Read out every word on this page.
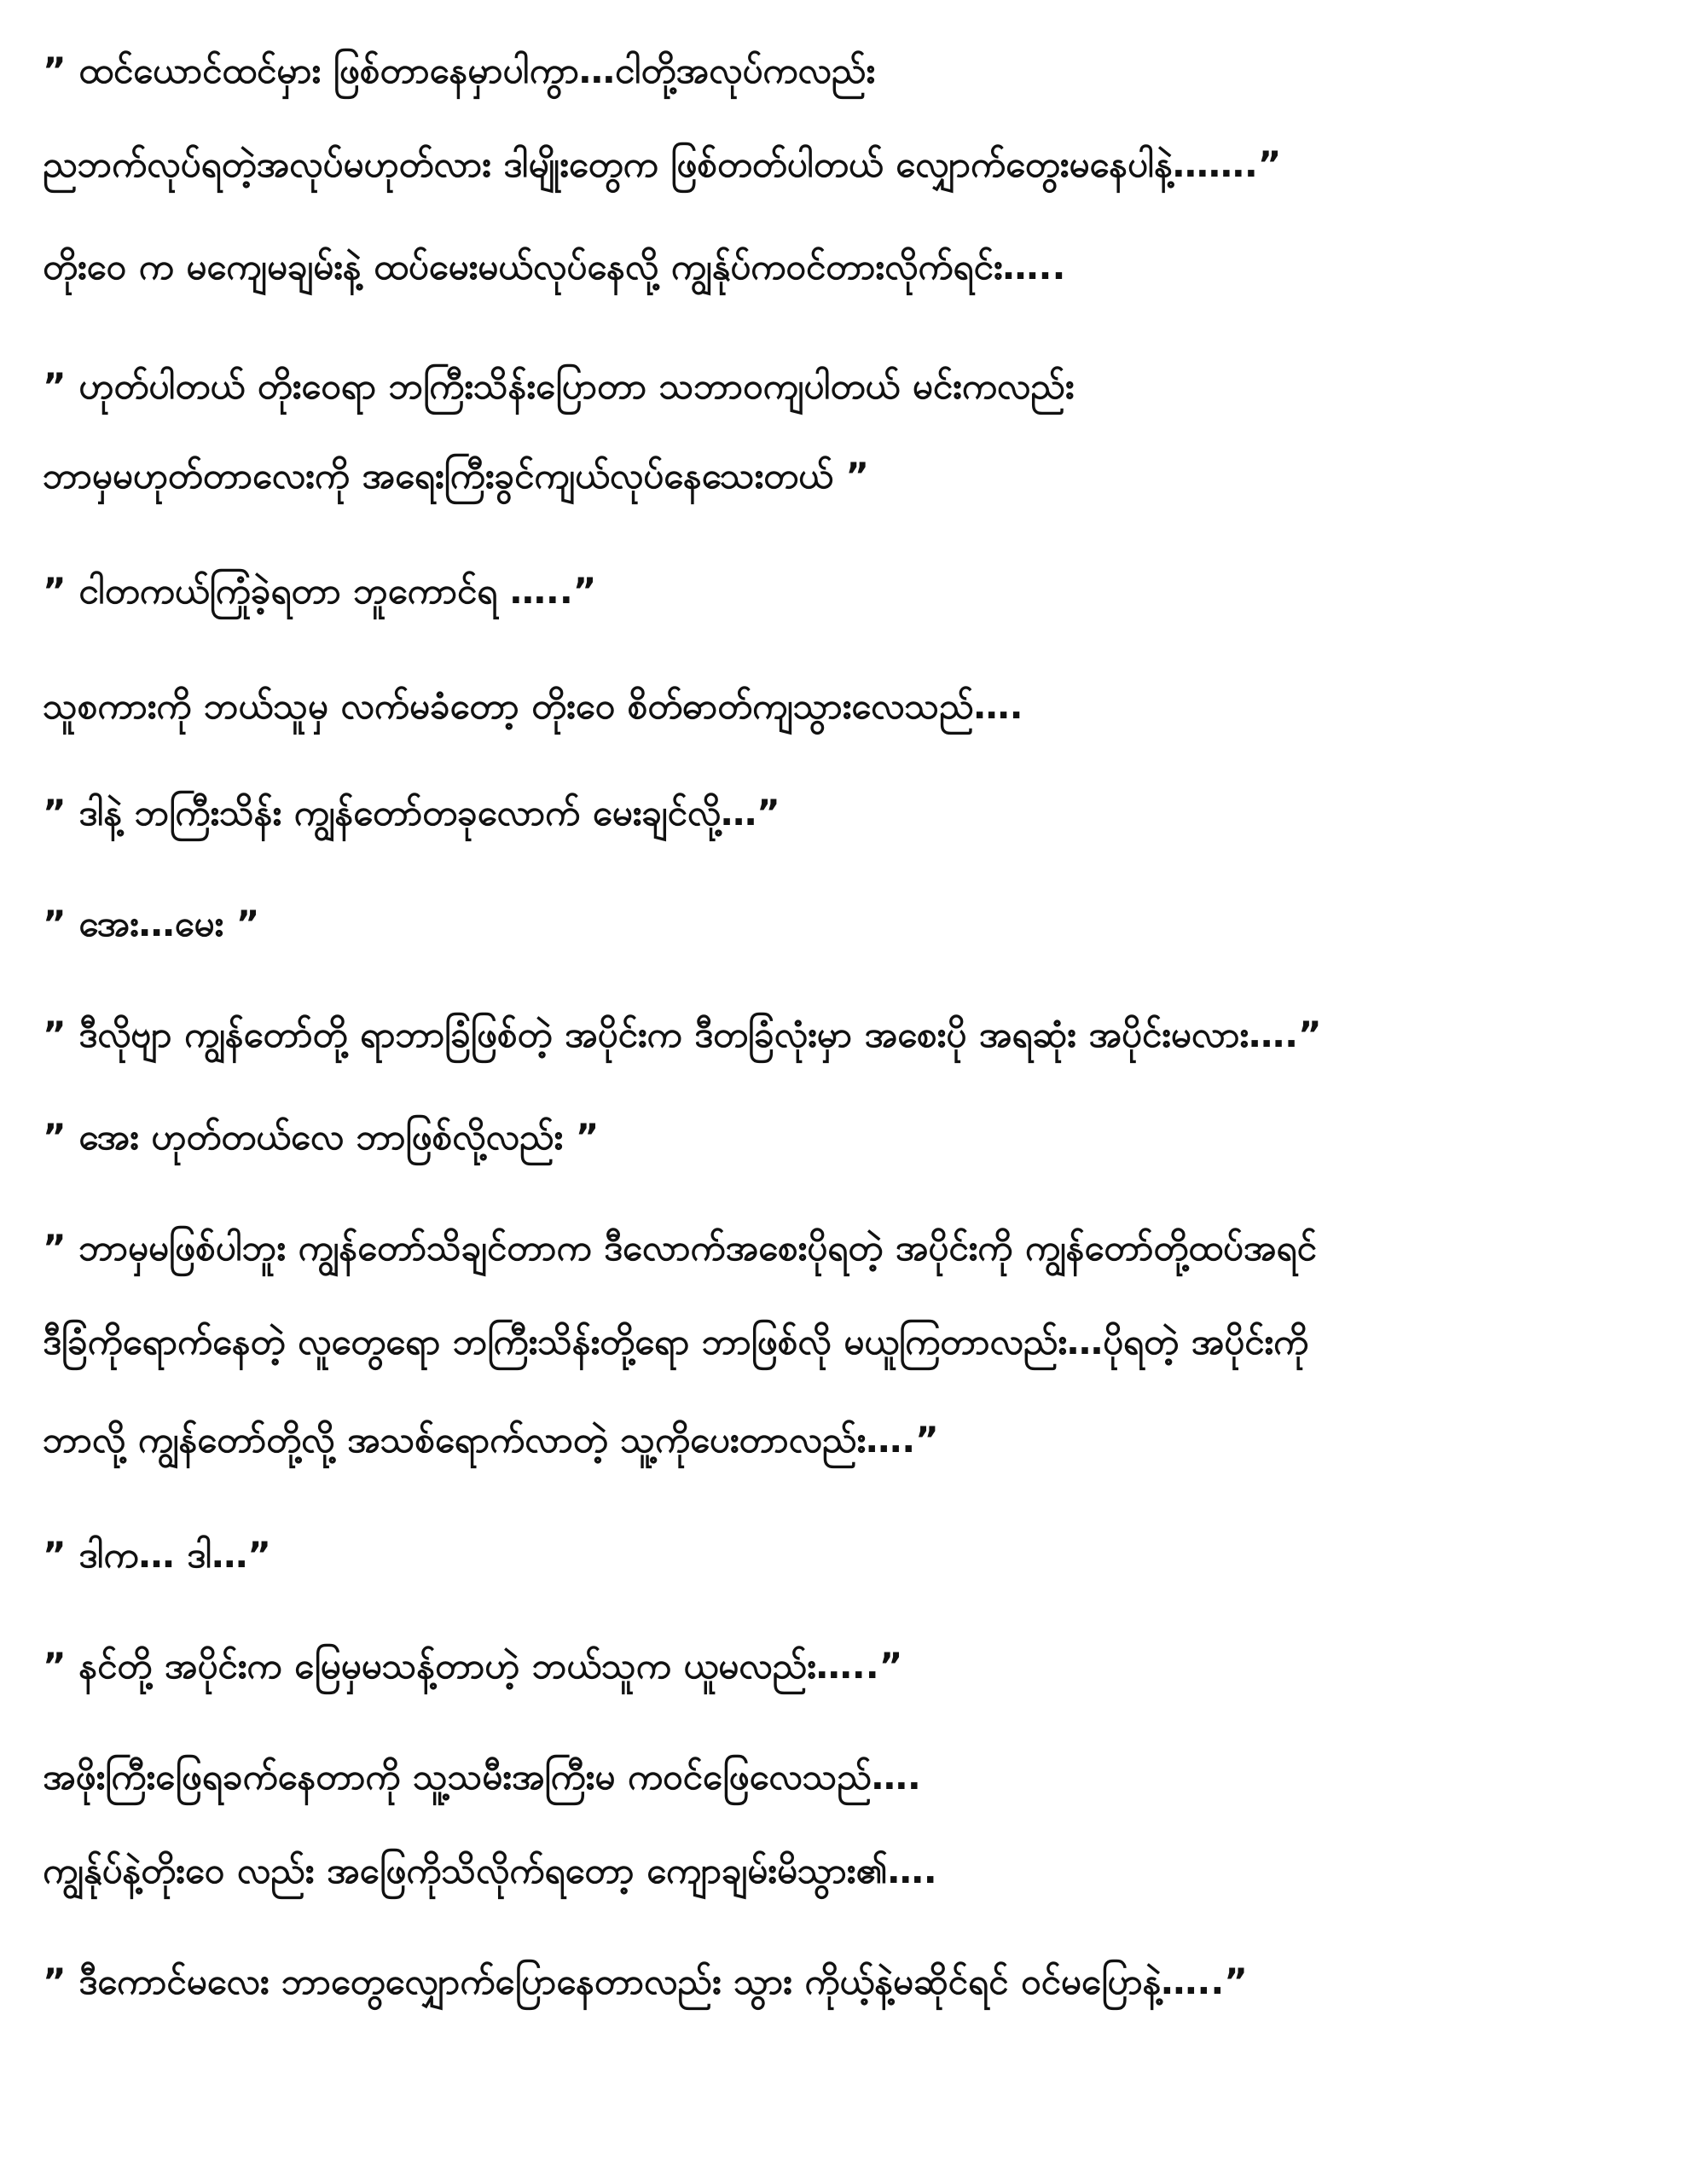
” ထင်ယောင်ထင်မှား ဖြစ်တာနေမှာပါကွာ…ငါတို့အလုပ်ကလည်း
ညဘက်လုပ်ရတဲ့အလုပ်မဟုတ်လား ဒါမျိုးတွေက ဖြစ်တတ်ပါတယ် လျှောက်တွေးမနေပါနဲ့…….”
တိုးဝေ က မကျေမချမ်းနဲ့ ထပ်မေးမယ်လုပ်နေလို့ ကျွန်ုပ်ကဝင်တားလိုက်ရင်း…..
” ဟုတ်ပါတယ် တိုးဝေရာ ဘကြီးသိန်းပြောတာ သဘာဝကျပါတယ် မင်းကလည်း
ဘာမှမဟုတ်တာလေးကို အရေးကြီးခွင်ကျယ်လုပ်နေသေးတယ် ”
” ငါတကယ်ကြုံခဲ့ရတာ ဘူကောင်ရ …..”
သူစကားကို ဘယ်သူမှ လက်မခံတော့ တိုးဝေ စိတ်ဓာတ်ကျသွားလေသည်….
” ဒါနဲ့ ဘကြီးသိန်း ကျွန်တော်တခုလောက် မေးချင်လို့…”
” အေး…မေး ”
” ဒီလိုဗျာ ကျွန်တော်တို့ ရာဘာခြံဖြစ်တဲ့ အပိုင်းက ဒီတခြံလုံးမှာ အစေးပို အရဆုံး အပိုင်းမလား….”
” အေး ဟုတ်တယ်လေ ဘာဖြစ်လို့လည်း ”
” ဘာမှမဖြစ်ပါဘူး ကျွန်တော်သိချင်တာက ဒီလောက်အစေးပိုရတဲ့ အပိုင်းကို ကျွန်တော်တို့ထပ်အရင်
ဒီခြံကိုရောက်နေတဲ့ လူတွေရော ဘကြီးသိန်းတို့ရော ဘာဖြစ်လို မယူကြတာလည်း…ပိုရတဲ့ အပိုင်းကို
ဘာလို့ ကျွန်တော်တို့လို့ အသစ်ရောက်လာတဲ့ သူ့ကိုပေးတာလည်း….”
” ဒါက… ဒါ…”
” နင်တို့ အပိုင်းက မြေမှမသန့်တာဟဲ့ ဘယ်သူက ယူမလည်း…..”
အဖိုးကြီးဖြေရခက်နေတာကို သူ့သမီးအကြီးမ ကဝင်ဖြေလေသည်….
ကျွန်ုပ်နဲ့တိုးဝေ လည်း အဖြေကိုသိလိုက်ရတော့ ကျောချမ်းမိသွား၏….
” ဒီကောင်မလေး ဘာတွေလျှောက်ပြောနေတာလည်း သွား ကိုယ့်နဲ့မဆိုင်ရင် ဝင်မပြောနဲ့…..”
